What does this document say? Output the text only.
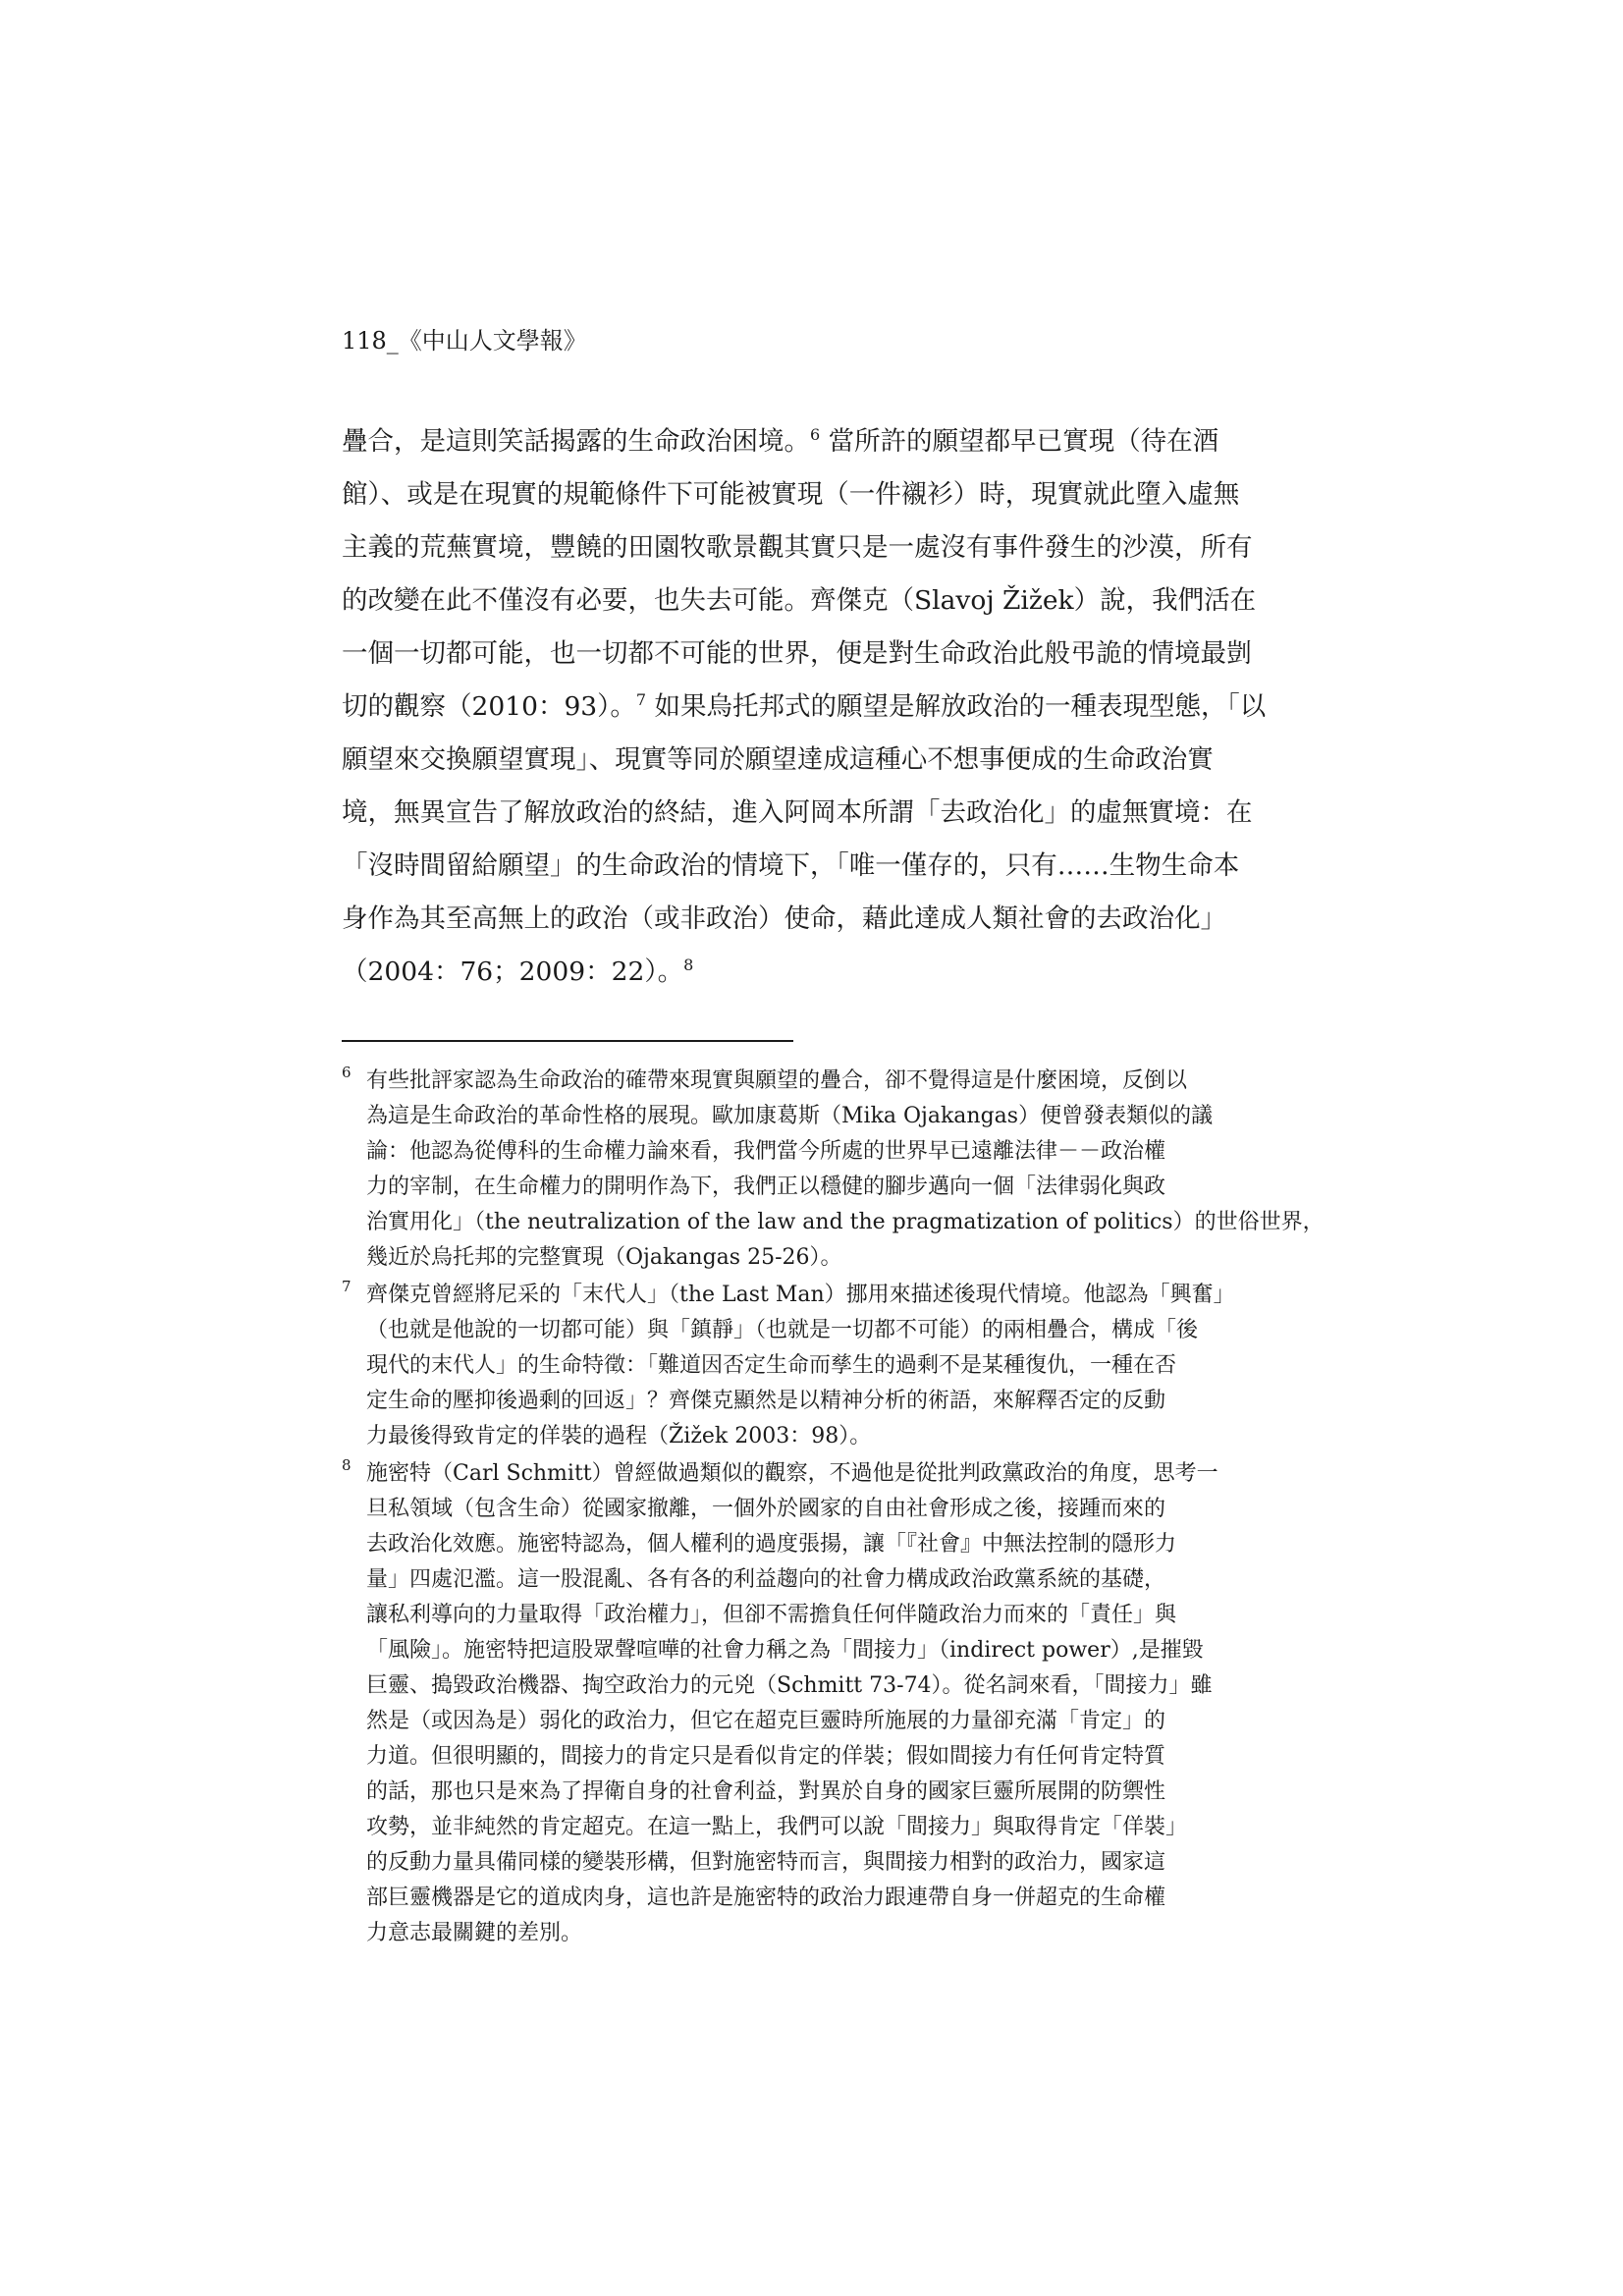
118_《中山人文學報》
疊合，是這則笑話揭露的生命政治困境。$^6$ 當所許的願望都早已實現（待在酒
館）、或是在現實的規範條件下可能被實現（一件襯衫）時，現實就此墮入虛無
主義的荒蕪實境，豐饒的田園牧歌景觀其實只是一處沒有事件發生的沙漠，所有
的改變在此不僅沒有必要，也失去可能。齊傑克（Slavoj Žižek）說，我們活在
一個一切都可能，也一切都不可能的世界，便是對生命政治此般弔詭的情境最剴
切的觀察（2010：93）。$^7$ 如果烏托邦式的願望是解放政治的一種表現型態，「以
願望來交換願望實現」、現實等同於願望達成這種心不想事便成的生命政治實
境，無異宣告了解放政治的終結，進入阿岡本所謂「去政治化」的虛無實境：在
「沒時間留給願望」的生命政治的情境下，「唯一僅存的，只有……生物生命本
身作為其至高無上的政治（或非政治）使命，藉此達成人類社會的去政治化」
（2004：76；2009：22）。$^8$
6 有些批評家認為生命政治的確帶來現實與願望的疊合，卻不覺得這是什麼困境，反倒以
為這是生命政治的革命性格的展現。歐加康葛斯（Mika Ojakangas）便曾發表類似的議
論：他認為從傅科的生命權力論來看，我們當今所處的世界早已遠離法律－－政治權
力的宰制，在生命權力的開明作為下，我們正以穩健的腳步邁向一個「法律弱化與政
治實用化」（the neutralization of the law and the pragmatization of politics）的世俗世界，
幾近於烏托邦的完整實現（Ojakangas 25-26）。
7 齊傑克曾經將尼采的「末代人」（the Last Man）挪用來描述後現代情境。他認為「興奮」
（也就是他說的一切都可能）與「鎮靜」（也就是一切都不可能）的兩相疊合，構成「後
現代的末代人」的生命特徵：「難道因否定生命而孳生的過剩不是某種復仇，一種在否
定生命的壓抑後過剩的回返」？齊傑克顯然是以精神分析的術語，來解釋否定的反動
力最後得致肯定的佯裝的過程（Žižek 2003：98）。
8 施密特（Carl Schmitt）曾經做過類似的觀察，不過他是從批判政黨政治的角度，思考一
旦私領域（包含生命）從國家撤離，一個外於國家的自由社會形成之後，接踵而來的
去政治化效應。施密特認為，個人權利的過度張揚，讓「『社會』中無法控制的隱形力
量」四處氾濫。這一股混亂、各有各的利益趨向的社會力構成政治政黨系統的基礎，
讓私利導向的力量取得「政治權力」，但卻不需擔負任何伴隨政治力而來的「責任」與
「風險」。施密特把這股眾聲喧嘩的社會力稱之為「間接力」（indirect power）,是摧毀
巨靈、搗毀政治機器、掏空政治力的元兇（Schmitt 73-74）。從名詞來看，「間接力」雖
然是（或因為是）弱化的政治力，但它在超克巨靈時所施展的力量卻充滿「肯定」的
力道。但很明顯的，間接力的肯定只是看似肯定的佯裝；假如間接力有任何肯定特質
的話，那也只是來為了捍衛自身的社會利益，對異於自身的國家巨靈所展開的防禦性
攻勢，並非純然的肯定超克。在這一點上，我們可以說「間接力」與取得肯定「佯裝」
的反動力量具備同樣的變裝形構，但對施密特而言，與間接力相對的政治力，國家這
部巨靈機器是它的道成肉身，這也許是施密特的政治力跟連帶自身一併超克的生命權
力意志最關鍵的差別。
